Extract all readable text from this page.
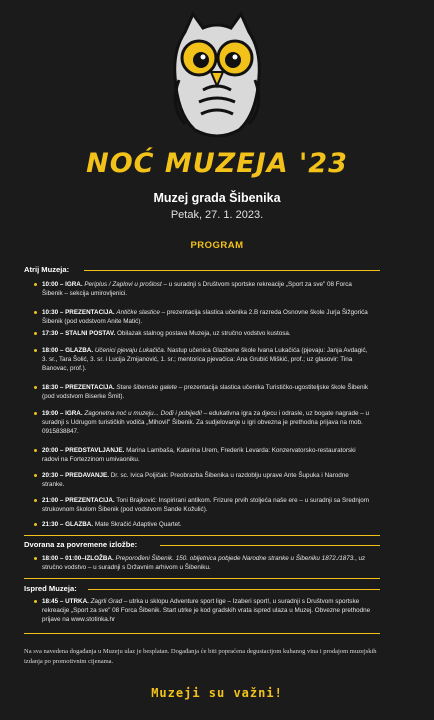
NOĆ MUZEJA '23
Muzej grada Šibenika
Petak, 27. 1. 2023.
PROGRAM
Atrij Muzeja:
10:00 – IGRA. Periplus / Zaplovi u prošlost – u suradnji s Društvom sportske rekreacije „Sport za sve" 08 Forca Šibenik – sekcija umirovljenici.
10:30 – PREZENTACIJA. Antičke slastice – prezentacija slastica učenika 2.B razreda Osnovne škole Jurja Šižgorića Šibenik (pod vodstvom Anite Matić).
17:30 – STALNI POSTAV. Obilazak stalnog postava Muzeja, uz stručno vodstvo kustosa.
18:00 – GLAZBA. Učenici pjevaju Lukačiča. Nastup učenica Glazbene škole Ivana Lukačića (pjevaju: Janja Avdagić, 3. sr., Tara Šolić, 3. sr. i Lucija Zmijanović, 1. sr.; mentorica pjevačica: Ana Grubić Miškić, prof.; uz glasovir: Tina Banovac, prof.).
18:30 – PREZENTACIJA. Stare šibenske galete – prezentacija slastica učenika Turističko-ugostiteljske škole Šibenik (pod vodstvom Biserke Šmit).
19:00 – IGRA. Zagonetna noć u muzeju... Dođi i pobijedi! – edukativna igra za djecu i odrasle, uz bogate nagrade – u suradnji s Udrugom turističkih vodiča „Mihovil" Šibenik. Za sudjelovanje u igri obvezna je prethodna prijava na mob. 0915838847.
20:00 – PREDSTAVLJANJE. Marina Lambaša, Katarina Urem, Frederik Levarda: Konzervatorsko-restauratorski radovi na Fortezzinom umivaoniku.
20:30 – PREDAVANJE. Dr. sc. Ivica Poljičak: Preobrazba Šibenika u razdoblju uprave Ante Šupuka i Narodne stranke.
21:00 – PREZENTACIJA. Toni Brajković: Inspirirani antikom. Frizure prvih stoljeća naše ere – u suradnji sa Srednjom strukovnom školom Šibenik (pod vodstvom Sande Kožulić).
21:30 – GLAZBA. Mate Skračić Adaptive Quartet.
Dvorana za povremene izložbe:
18:00 – 01:00–IZLOŽBA. Preporođeni Šibenik. 150. obljetnica pobjede Narodne stranke u Šibeniku 1872./1873., uz stručno vodstvo – u suradnji s Državnim arhivom u Šibeniku.
Ispred Muzeja:
18:45 – UTRKA. Zagrli Grad – utrka u sklopu Adventure sport lige – Izaberi sport!, u suradnji s Društvom sportske rekreacije „Sport za sve" 08 Forca Šibenik. Start utrke je kod gradskih vrata ispred ulaza u Muzej. Obvezne prethodne prijave na www.stotinka.hr
Na sva navedena događanja u Muzeju ulaz je besplatan. Događanja će biti popraćena degustacijom kuhanog vina i prodajom muzejskih izdanja po promotivnim cijenama.
Muzeji su važni!
